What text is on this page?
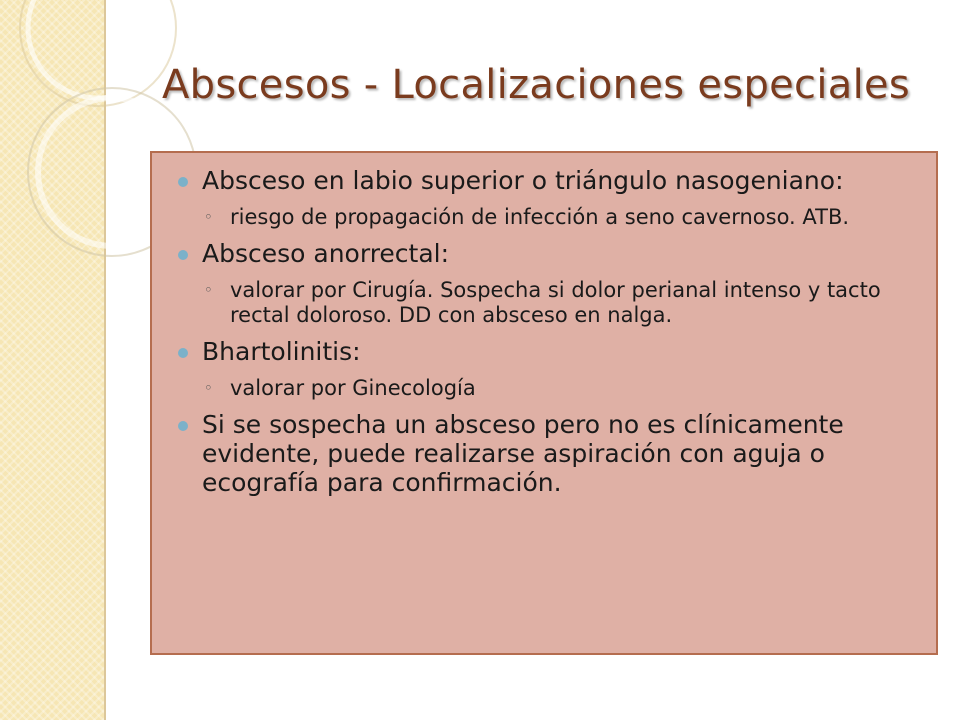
Abscesos - Localizaciones especiales
Absceso en labio superior o triángulo nasogeniano:
◦ riesgo de propagación de infección a seno cavernoso. ATB.
Absceso anorrectal:
◦ valorar por Cirugía. Sospecha si dolor perianal intenso y tacto rectal doloroso. DD con absceso en nalga.
Bhartolinitis:
◦ valorar por Ginecología
Si se sospecha un absceso pero no es clínicamente evidente, puede realizarse aspiración con aguja o ecografía para confirmación.
